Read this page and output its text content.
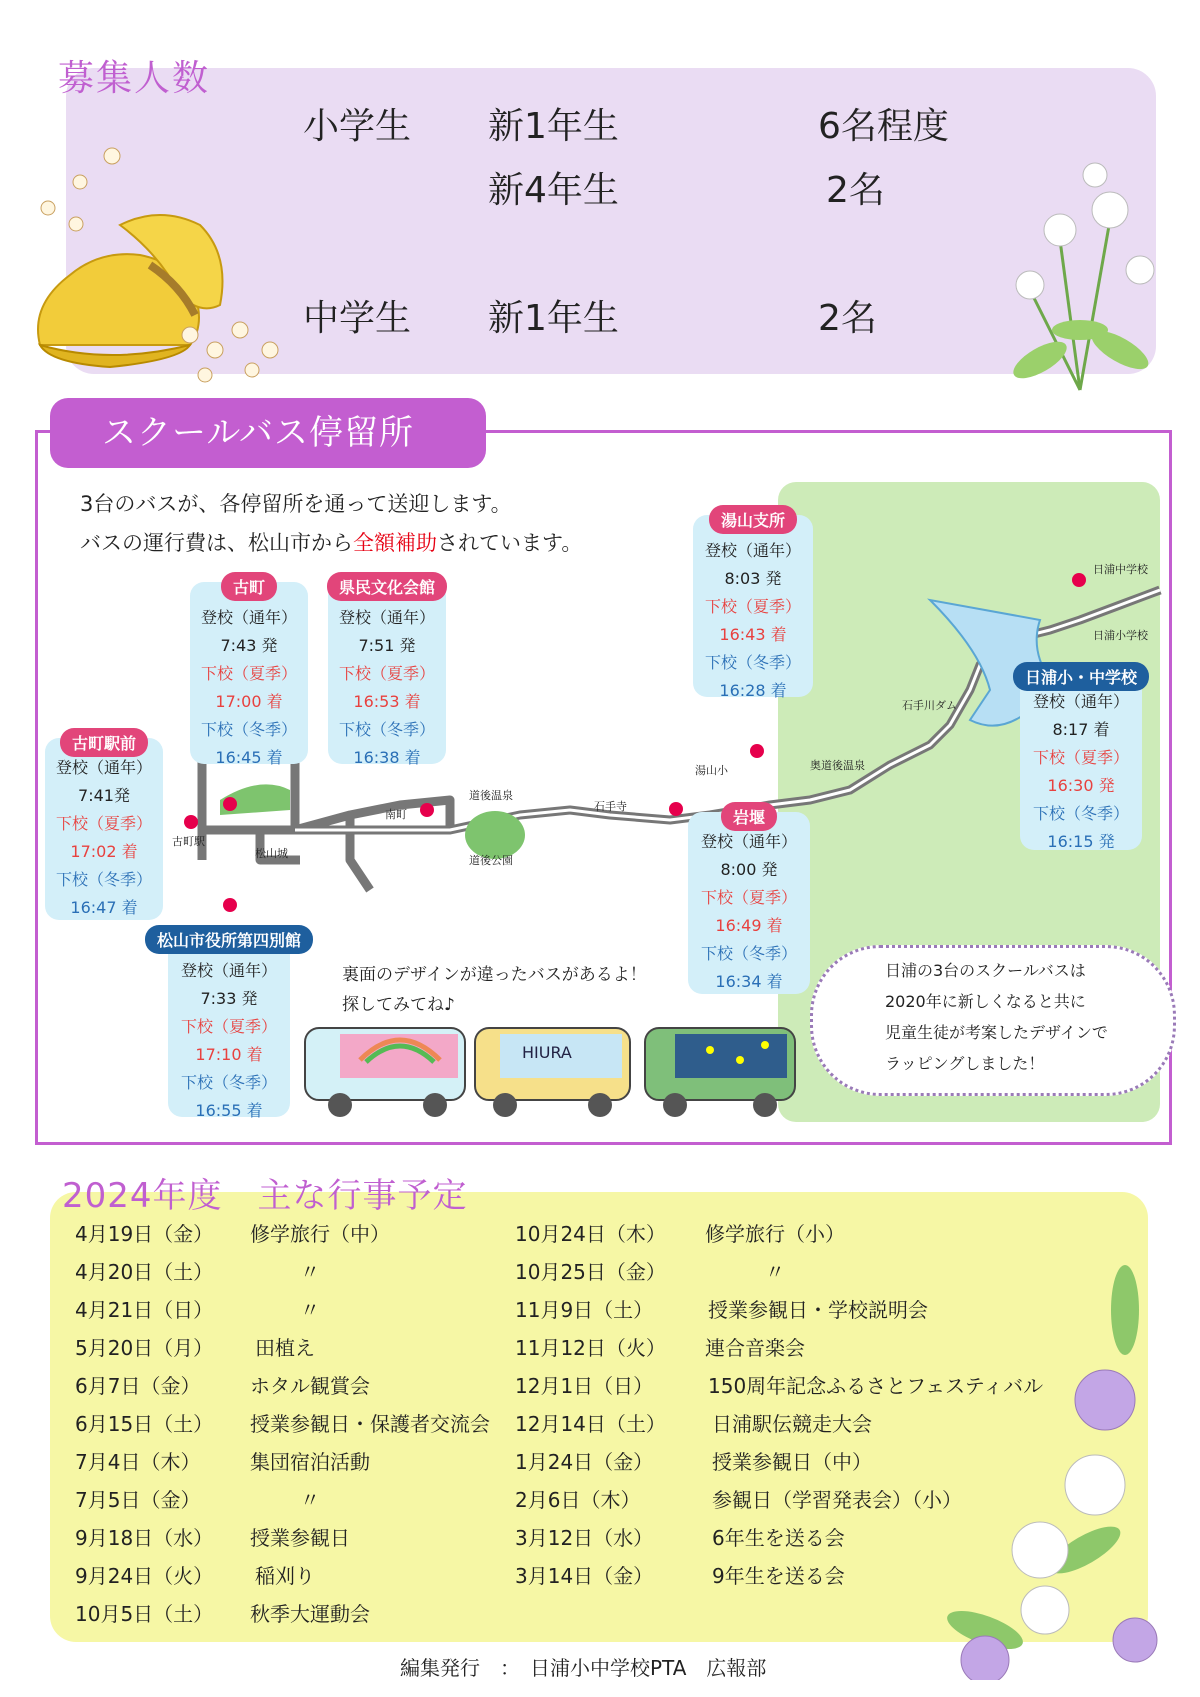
募集人数
小学生 新1年生	6名程度
新4年生	2名
中学生 新1年生	2名
スクールバス停留所
3台のバスが、各停留所を通って送迎します。
バスの運行費は、松山市から全額補助されています。
日浦中学校
日浦小学校
石手川ダム
奥道後温泉
湯山小
石手寺
道後温泉
道後公園
南町
松山城
古町駅
古町
登校（通年）
7:43 発
下校（夏季）
17:00 着
下校（冬季）
16:45 着
県民文化会館
登校（通年）
7:51 発
下校（夏季）
16:53 着
下校（冬季）
16:38 着
古町駅前
登校（通年）
7:41発
下校（夏季）
17:02 着
下校（冬季）
16:47 着
松山市役所第四別館
登校（通年）
7:33 発
下校（夏季）
17:10 着
下校（冬季）
16:55 着
湯山支所
登校（通年）
8:03 発
下校（夏季）
16:43 着
下校（冬季）
16:28 着
岩堰
登校（通年）
8:00 発
下校（夏季）
16:49 着
下校（冬季）
16:34 着
日浦小・中学校
登校（通年）
8:17 着
下校（夏季）
16:30 発
下校（冬季）
16:15 発
裏面のデザインが違ったバスがあるよ！
探してみてね♪
HIURA
日浦の3台のスクールバスは
2020年に新しくなると共に
児童生徒が考案したデザインで
ラッピングしました！
2024年度　主な行事予定
4月19日（金） 修学旅行（中）
4月20日（土）	〃
4月21日（日）	〃
5月20日（月） 田植え
6月7日（金） ホタル観賞会
6月15日（土） 授業参観日・保護者交流会
7月4日（木） 集団宿泊活動
7月5日（金）	〃
9月18日（水） 授業参観日
9月24日（火） 稲刈り
10月5日（土） 秋季大運動会
10月24日（木） 修学旅行（小）
10月25日（金）	〃
11月9日（土）	授業参観日・学校説明会
11月12日（火） 連合音楽会
12月1日（日）	150周年記念ふるさとフェスティバル
12月14日（土） 日浦駅伝競走大会
1月24日（金）	授業参観日（中）
2月6日（木）	参観日（学習発表会）（小）
3月12日（水）	6年生を送る会
3月14日（金）	9年生を送る会
編集発行　：　日浦小中学校PTA　広報部
